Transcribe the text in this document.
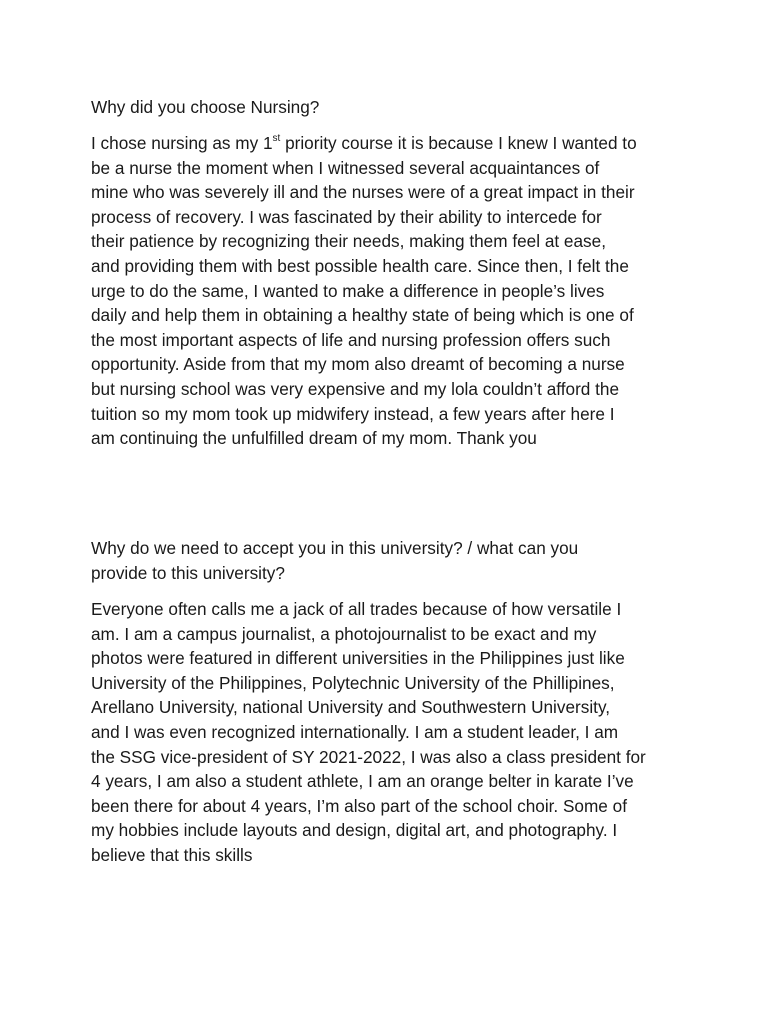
Why did you choose Nursing?

I chose nursing as my 1st priority course it is because I knew I wanted to
be a nurse the moment when I witnessed several acquaintances of
mine who was severely ill and the nurses were of a great impact in their
process of recovery. I was fascinated by their ability to intercede for
their patience by recognizing their needs, making them feel at ease,
and providing them with best possible health care. Since then, I felt the
urge to do the same, I wanted to make a difference in people’s lives
daily and help them in obtaining a healthy state of being which is one of
the most important aspects of life and nursing profession offers such
opportunity. Aside from that my mom also dreamt of becoming a nurse
but nursing school was very expensive and my lola couldn’t afford the
tuition so my mom took up midwifery instead, a few years after here I
am continuing the unfulfilled dream of my mom. Thank you
Why do we need to accept you in this university? / what can you
provide to this university?
Everyone often calls me a jack of all trades because of how versatile I
am. I am a campus journalist, a photojournalist to be exact and my
photos were featured in different universities in the Philippines just like
University of the Philippines, Polytechnic University of the Phillipines,
Arellano University, national University and Southwestern University,
and I was even recognized internationally. I am a student leader, I am
the SSG vice-president of SY 2021-2022, I was also a class president for
4 years, I am also a student athlete, I am an orange belter in karate I’ve
been there for about 4 years, I’m also part of the school choir. Some of
my hobbies include layouts and design, digital art, and photography. I
believe that this skills
